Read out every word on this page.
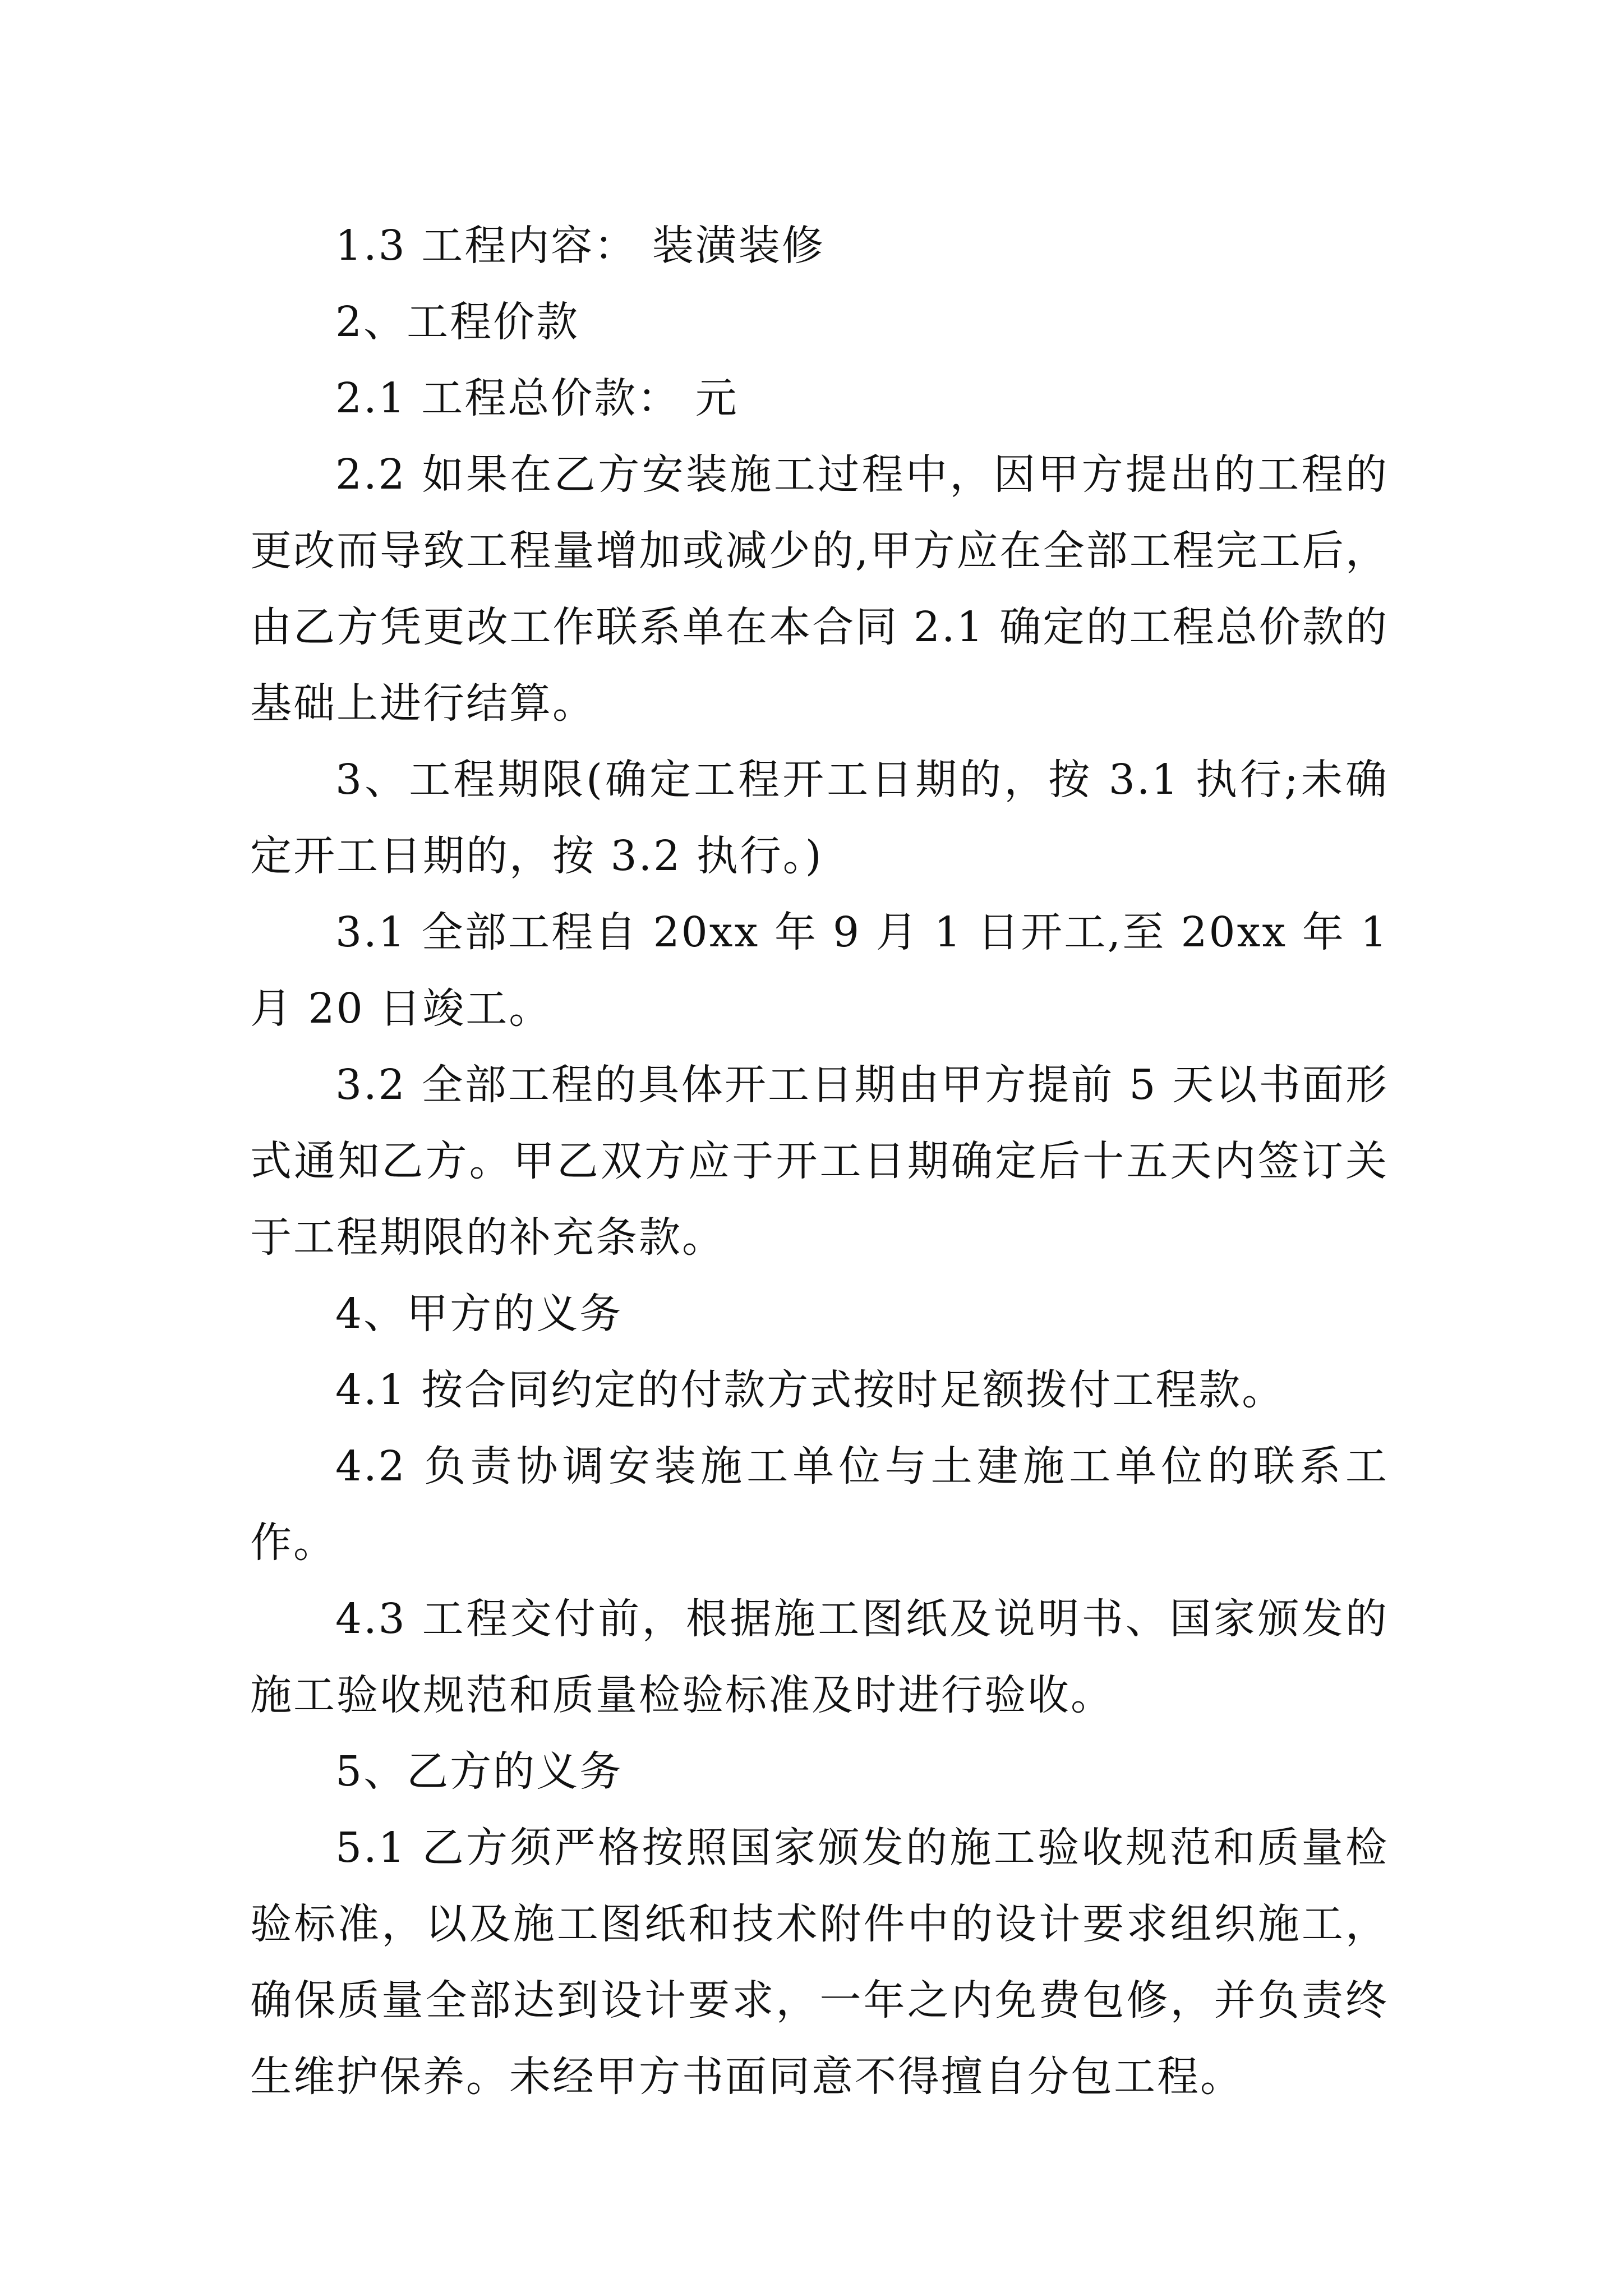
1.3 工程内容： 装潢装修

2、工程价款

2.1 工程总价款： 元

2.2 如果在乙方安装施工过程中，因甲方提出的工程的更改而导致工程量增加或减少的,甲方应在全部工程完工后，由乙方凭更改工作联系单在本合同 2.1 确定的工程总价款的基础上进行结算。

3、工程期限(确定工程开工日期的，按 3.1 执行;未确定开工日期的，按 3.2 执行。)

3.1 全部工程自 20xx 年 9 月 1 日开工,至 20xx 年 1 月 20 日竣工。

3.2 全部工程的具体开工日期由甲方提前 5 天以书面形式通知乙方。甲乙双方应于开工日期确定后十五天内签订关于工程期限的补充条款。

4、甲方的义务

4.1 按合同约定的付款方式按时足额拨付工程款。

4.2 负责协调安装施工单位与土建施工单位的联系工作。

4.3 工程交付前，根据施工图纸及说明书、国家颁发的施工验收规范和质量检验标准及时进行验收。

5、乙方的义务

5.1 乙方须严格按照国家颁发的施工验收规范和质量检验标准，以及施工图纸和技术附件中的设计要求组织施工，确保质量全部达到设计要求，一年之内免费包修，并负责终生维护保养。未经甲方书面同意不得擅自分包工程。
